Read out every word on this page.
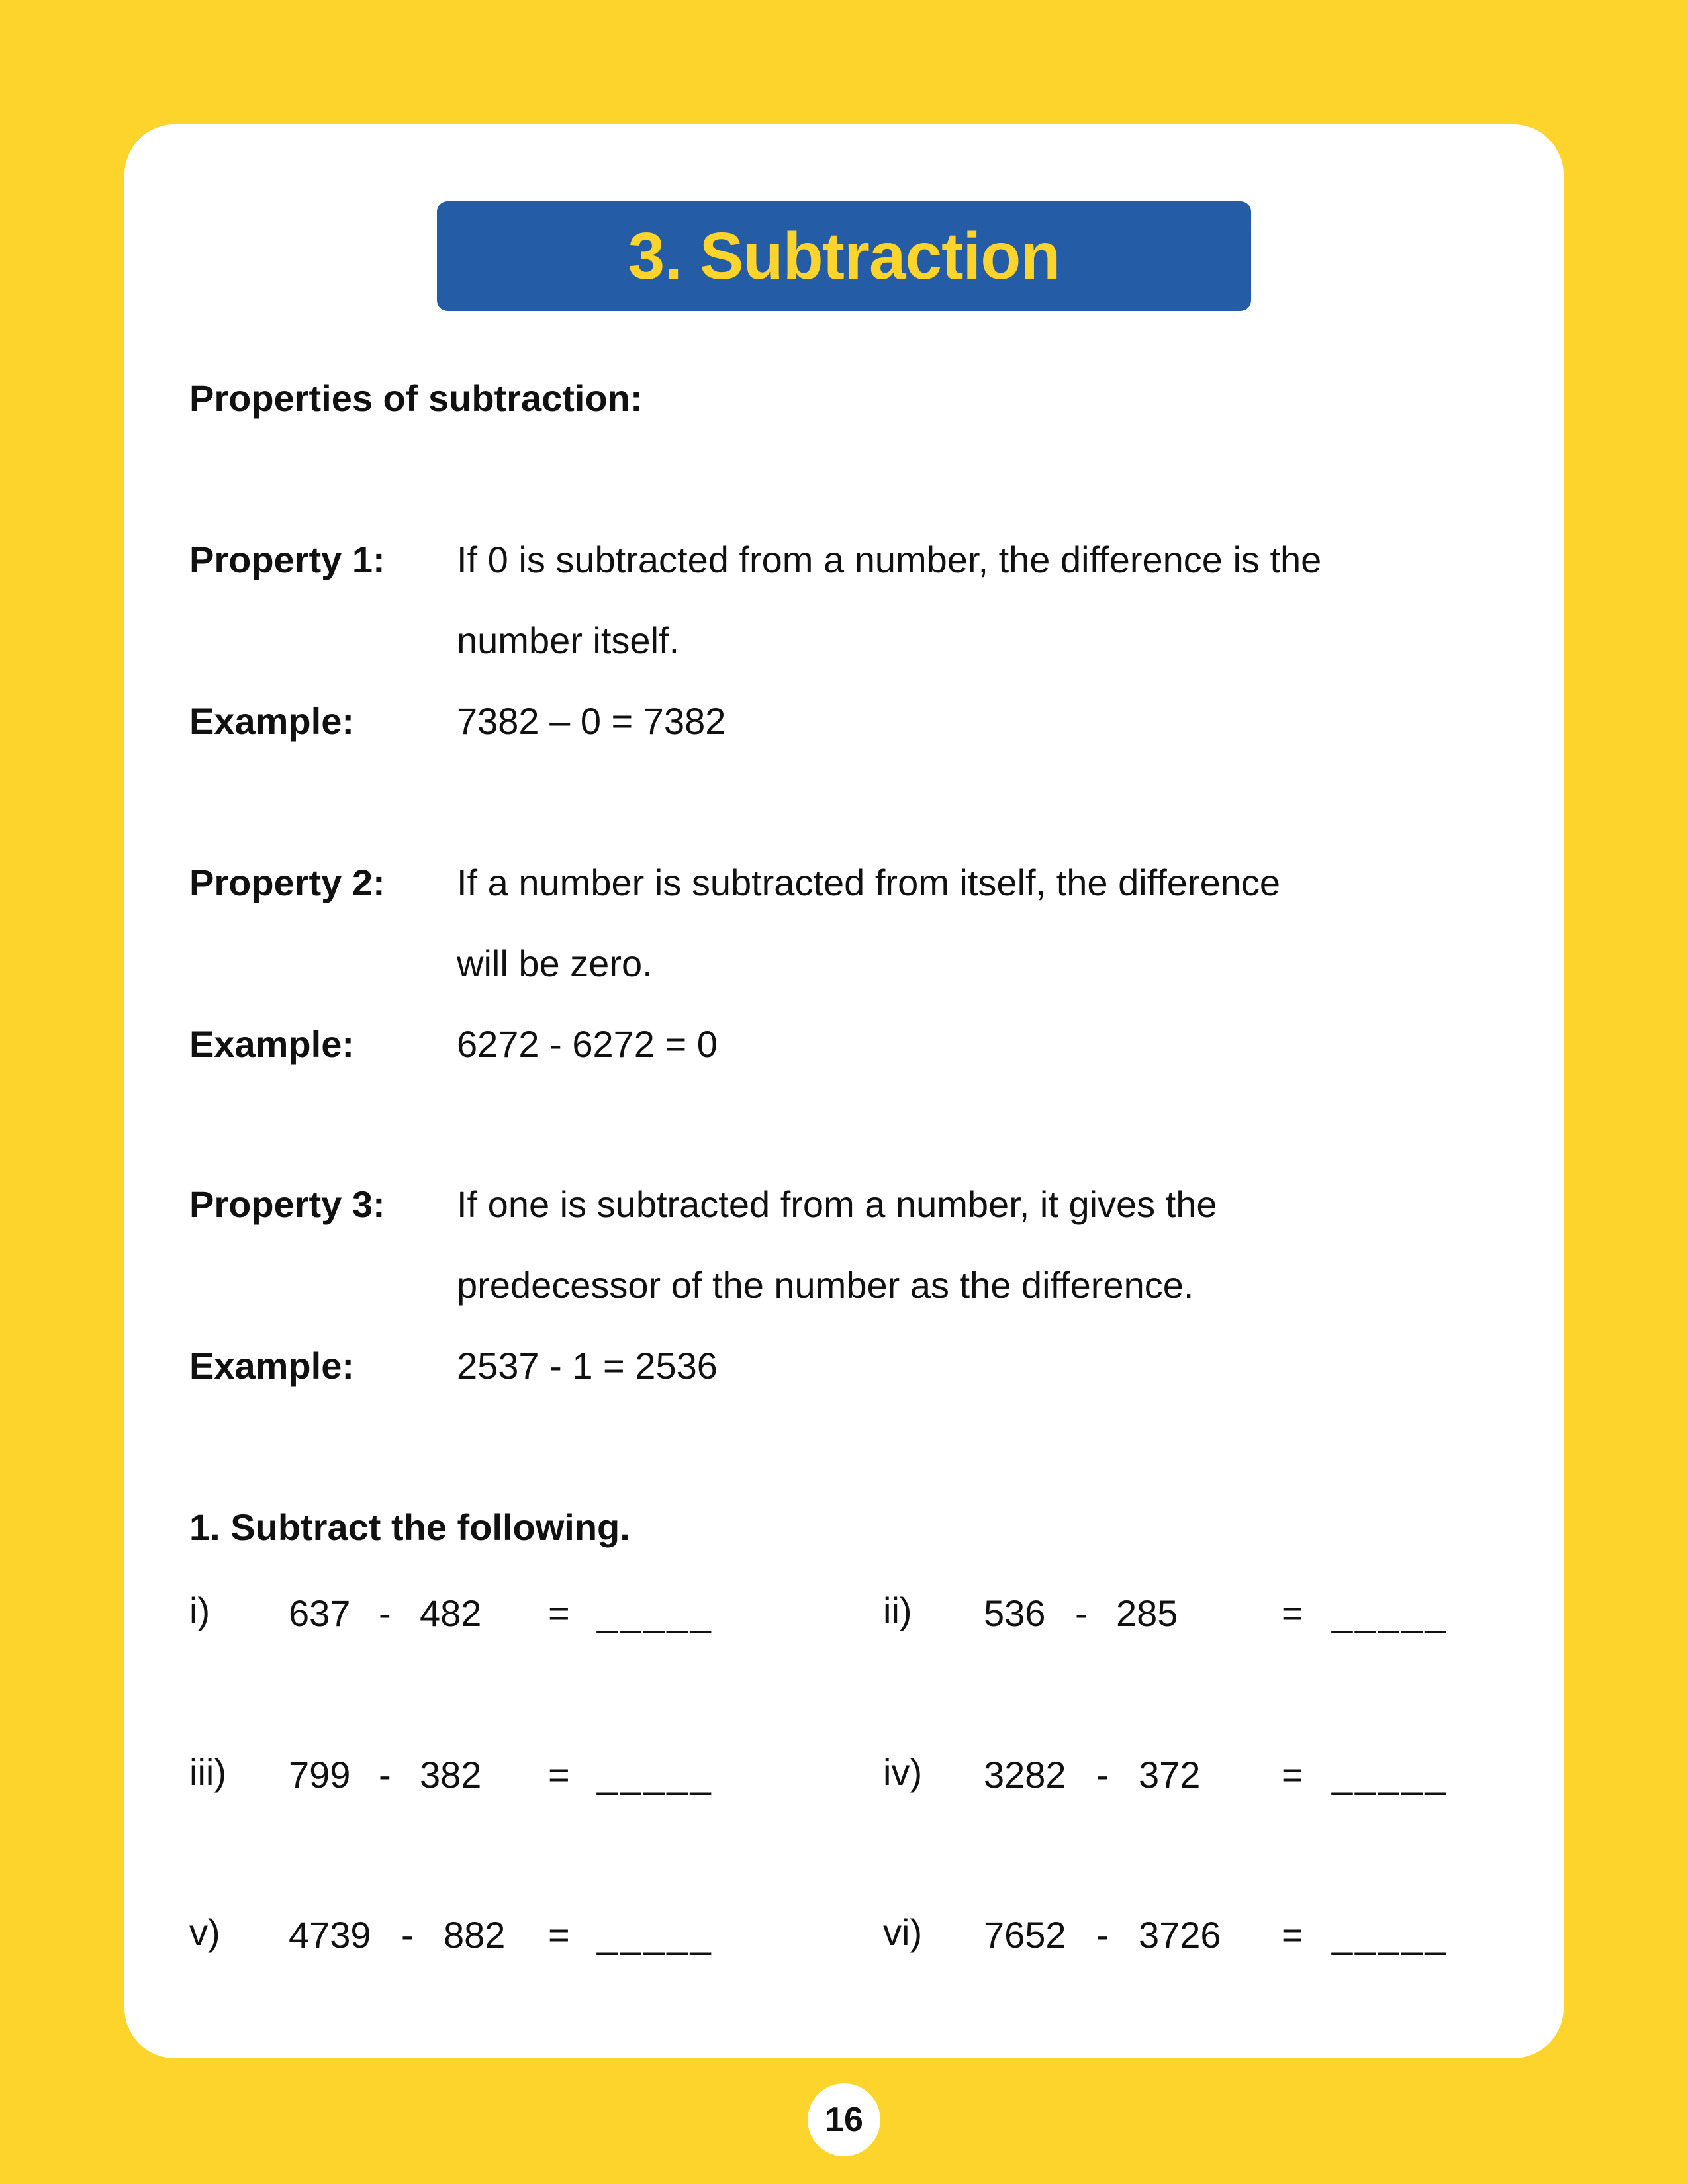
3. Subtraction
Properties of subtraction:
Property 1: If 0 is subtracted from a number, the difference is the
number itself.
Example:	7382 – 0 = 7382
Property 2: If a number is subtracted from itself, the difference
will be zero.
Example:	6272 - 6272 = 0
Property 3: If one is subtracted from a number, it gives the
predecessor of the number as the difference.
Example:	2537 - 1 = 2536
1. Subtract the following.
i) 637 - 482 = _____	ii) 536 - 285	= _____
iii) 799 - 382 = _____	iv) 3282 - 372 = _____
v) 4739 - 882 = _____	vi) 7652 - 3726 = _____
16
